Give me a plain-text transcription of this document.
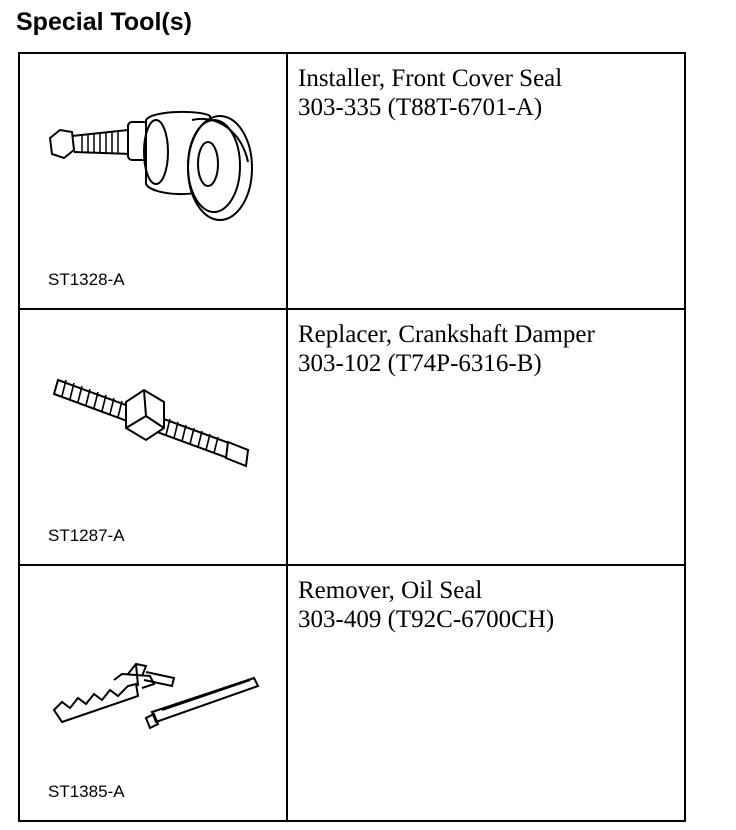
Special Tool(s)
ST1328-A	Installer, Front Cover Seal
303-335 (T88T-6701-A)

ST1287-A	Replacer, Crankshaft Damper
303-102 (T74P-6316-B)

ST1385-A	Remover, Oil Seal
303-409 (T92C-6700CH)
